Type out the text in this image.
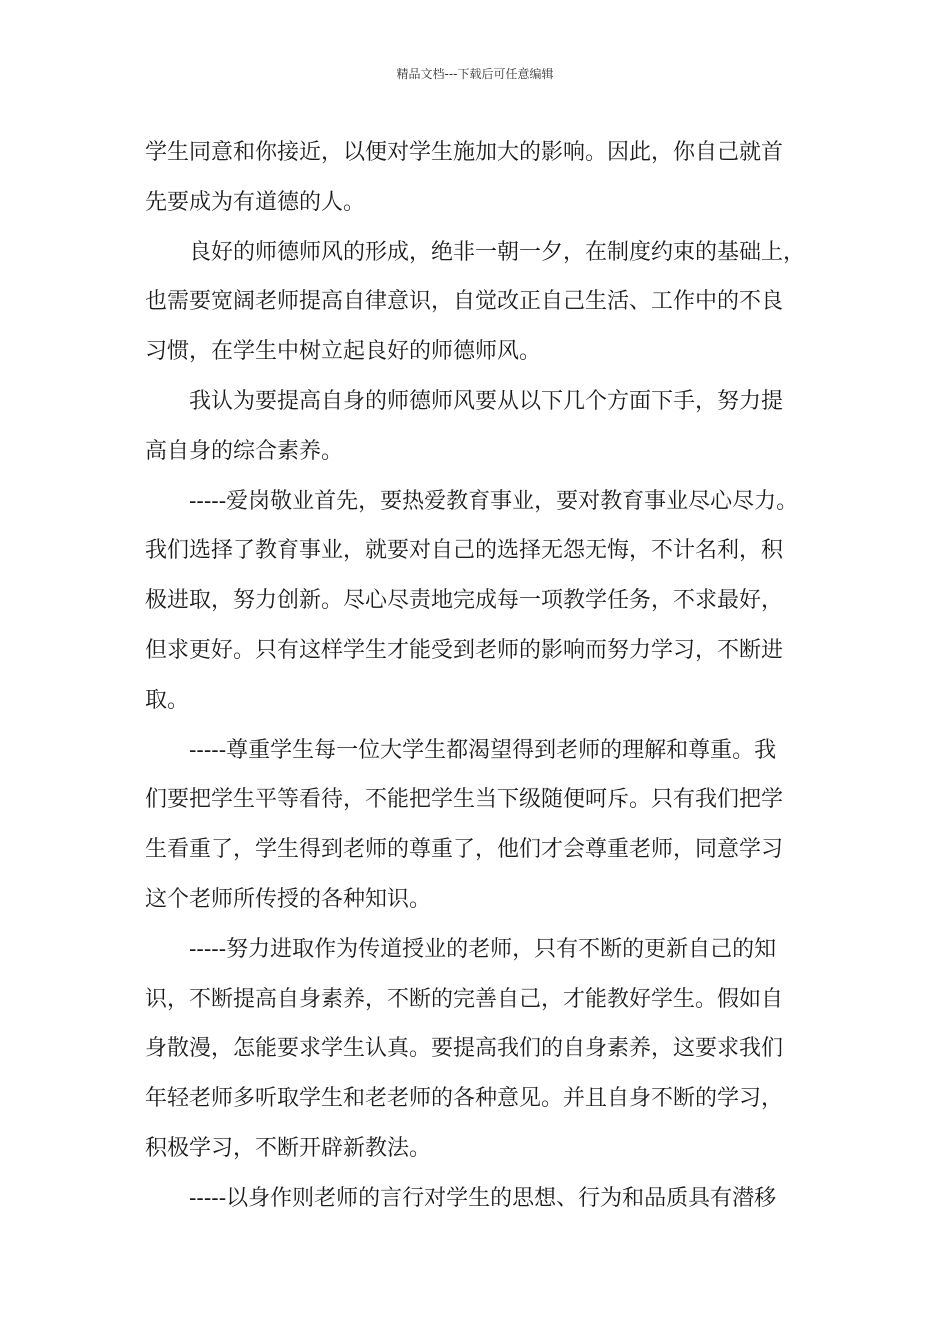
精品文档---下载后可任意编辑
学生同意和你接近，以便对学生施加大的影响。因此，你自己就首
先要成为有道德的人。
良好的师德师风的形成，绝非一朝一夕，在制度约束的基础上，
也需要宽阔老师提高自律意识，自觉改正自己生活、工作中的不良
习惯，在学生中树立起良好的师德师风。
我认为要提高自身的师德师风要从以下几个方面下手，努力提
高自身的综合素养。
-----爱岗敬业首先，要热爱教育事业，要对教育事业尽心尽力。
我们选择了教育事业，就要对自己的选择无怨无悔，不计名利，积
极进取，努力创新。尽心尽责地完成每一项教学任务，不求最好，
但求更好。只有这样学生才能受到老师的影响而努力学习，不断进
取。
-----尊重学生每一位大学生都渴望得到老师的理解和尊重。我
们要把学生平等看待，不能把学生当下级随便呵斥。只有我们把学
生看重了，学生得到老师的尊重了，他们才会尊重老师，同意学习
这个老师所传授的各种知识。
-----努力进取作为传道授业的老师，只有不断的更新自己的知
识，不断提高自身素养，不断的完善自己，才能教好学生。假如自
身散漫，怎能要求学生认真。要提高我们的自身素养，这要求我们
年轻老师多听取学生和老老师的各种意见。并且自身不断的学习，
积极学习，不断开辟新教法。
-----以身作则老师的言行对学生的思想、行为和品质具有潜移
